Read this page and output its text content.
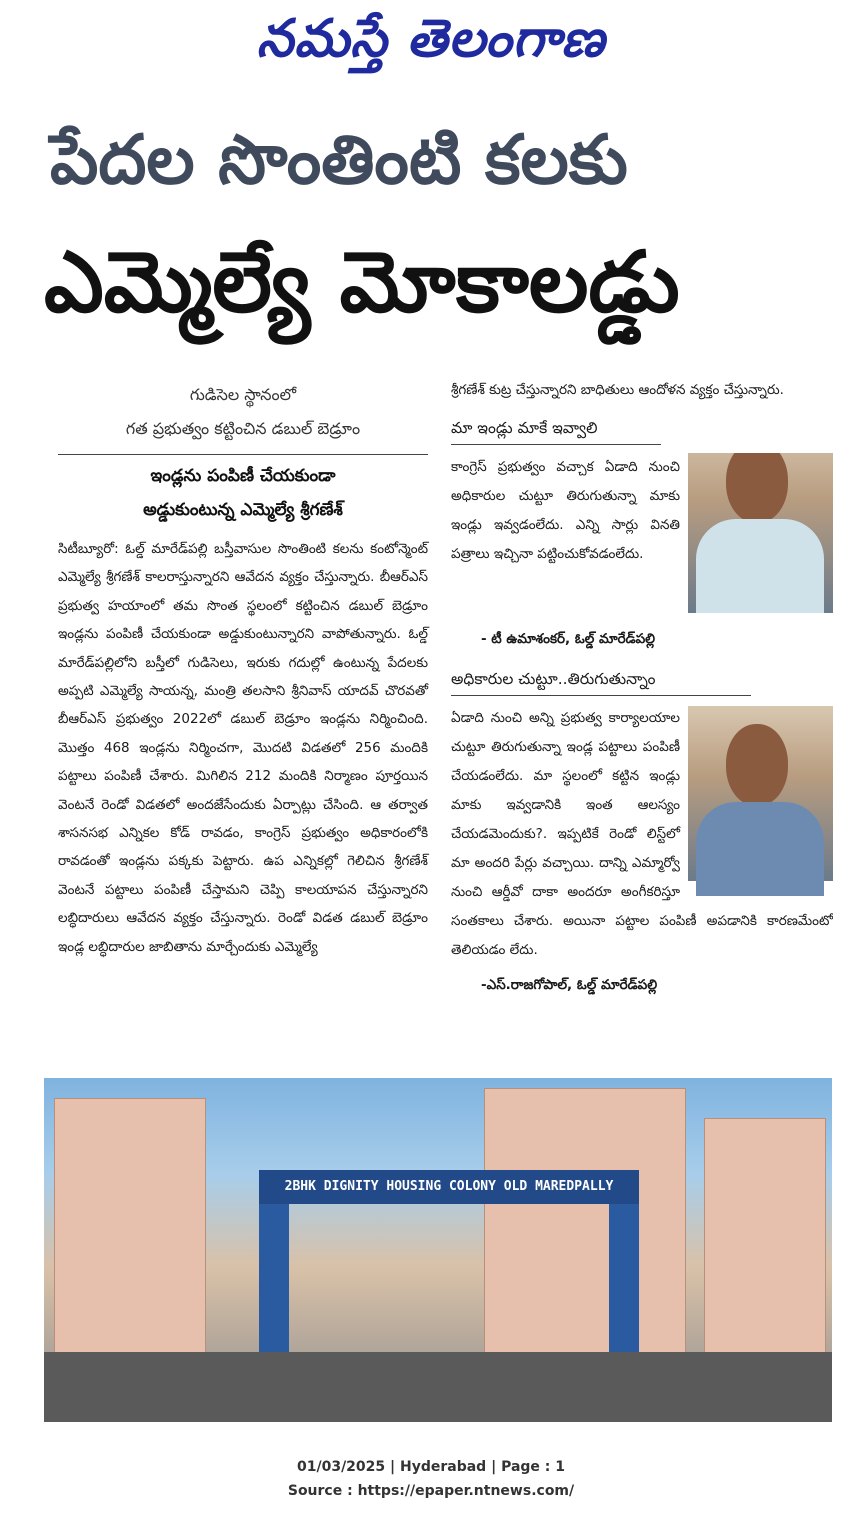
నమస్తే తెలంగాణ
పేదల సొంతింటి కలకు
ఎమ్మెల్యే మోకాలడ్డు
గుడిసెల స్థానంలో
గత ప్రభుత్వం కట్టించిన డబుల్ బెడ్రూం
ఇండ్లను పంపిణీ చేయకుండా
అడ్డుకుంటున్న ఎమ్మెల్యే శ్రీగణేశ్
సిటీబ్యూరో: ఓల్డ్ మారేడ్‌పల్లి బస్తీవాసుల సొంతింటి కలను కంటోన్మెంట్ ఎమ్మెల్యే శ్రీగణేశ్ కాలరాస్తున్నారని ఆవేదన వ్యక్తం చేస్తున్నారు. బీఆర్ఎస్ ప్రభుత్వ హయాంలో తమ సొంత స్థలంలో కట్టించిన డబుల్ బెడ్రూం ఇండ్లను పంపిణీ చేయకుండా అడ్డుకుంటున్నారని వాపోతున్నారు. ఓల్డ్ మారేడ్‌పల్లిలోని బస్తీలో గుడిసెలు, ఇరుకు గదుల్లో ఉంటున్న పేదలకు అప్పటి ఎమ్మెల్యే సాయన్న, మంత్రి తలసాని శ్రీనివాస్ యాదవ్ చొరవతో బీఆర్ఎస్ ప్రభుత్వం 2022లో డబుల్ బెడ్రూం ఇండ్లను నిర్మించింది. మొత్తం 468 ఇండ్లను నిర్మించగా, మొదటి విడతలో 256 మందికి పట్టాలు పంపిణీ చేశారు. మిగిలిన 212 మందికి నిర్మాణం పూర్తయిన వెంటనే రెండో విడతలో అందజేసేందుకు ఏర్పాట్లు చేసింది. ఆ తర్వాత శాసనసభ ఎన్నికల కోడ్ రావడం, కాంగ్రెస్ ప్రభుత్వం అధికారంలోకి రావడంతో ఇండ్లను పక్కకు పెట్టారు. ఉప ఎన్నికల్లో గెలిచిన శ్రీగణేశ్ వెంటనే పట్టాలు పంపిణీ చేస్తామని చెప్పి కాలయాపన చేస్తున్నారని లబ్ధిదారులు ఆవేదన వ్యక్తం చేస్తున్నారు. రెండో విడత డబుల్ బెడ్రూం ఇండ్ల లబ్ధిదారుల జాబితాను మార్చేందుకు ఎమ్మెల్యే
శ్రీగణేశ్ కుట్ర చేస్తున్నారని బాధితులు ఆందోళన వ్యక్తం చేస్తున్నారు.
మా ఇండ్లు మాకే ఇవ్వాలి
కాంగ్రెస్ ప్రభుత్వం వచ్చాక ఏడాది నుంచి అధికారుల చుట్టూ తిరుగుతున్నా మాకు ఇండ్లు ఇవ్వడంలేదు. ఎన్ని సార్లు వినతి పత్రాలు ఇచ్చినా పట్టించుకోవడంలేదు.
- టీ ఉమాశంకర్, ఓల్డ్ మారేడ్‌పల్లి
అధికారుల చుట్టూ..తిరుగుతున్నాం
ఏడాది నుంచి అన్ని ప్రభుత్వ కార్యాలయాల చుట్టూ తిరుగుతున్నా ఇండ్ల పట్టాలు పంపిణీ చేయడంలేదు. మా స్థలంలో కట్టిన ఇండ్లు మాకు ఇవ్వడానికి ఇంత ఆలస్యం చేయడమెందుకు?. ఇప్పటికే రెండో లిస్ట్‌లో మా అందరి పేర్లు వచ్చాయి. దాన్ని ఎమ్మార్వో నుంచి ఆర్డీవో దాకా అందరూ అంగీకరిస్తూ సంతకాలు చేశారు. అయినా పట్టాల పంపిణీ అపడానికి కారణమేంటో తెలియడం లేదు.
-ఎస్.రాజగోపాల్, ఓల్డ్ మారేడ్‌పల్లి
2BHK DIGNITY HOUSING COLONY OLD MAREDPALLY
01/03/2025 | Hyderabad | Page : 1
Source : https://epaper.ntnews.com/
